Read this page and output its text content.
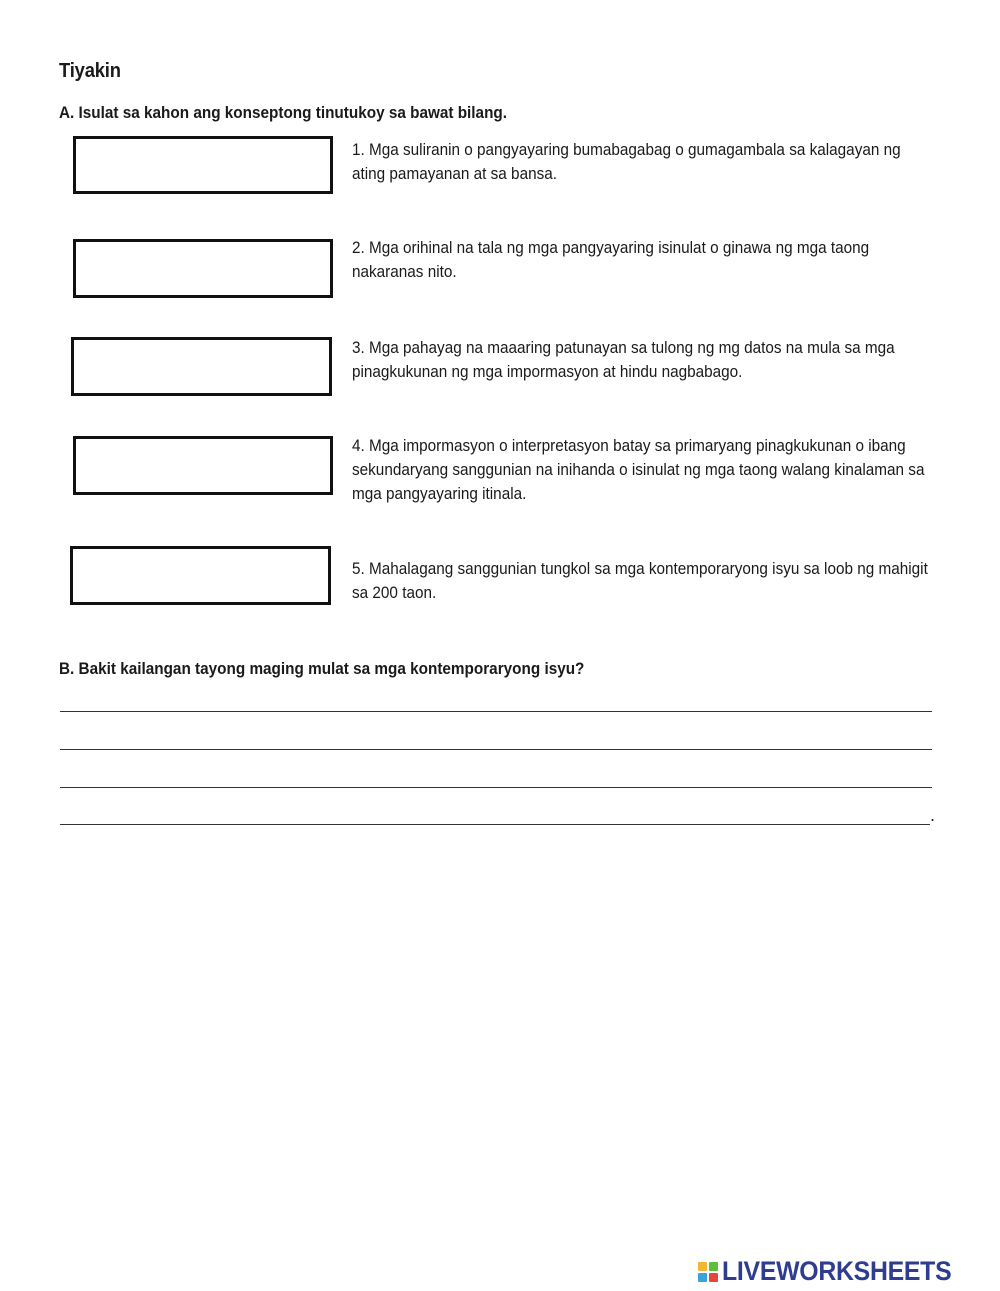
Tiyakin
A. Isulat sa kahon ang konseptong tinutukoy sa bawat bilang.
1. Mga suliranin o pangyayaring bumabagabag o gumagambala sa kalagayan ng ating pamayanan at sa bansa.
2. Mga orihinal na tala ng mga pangyayaring isinulat o ginawa ng mga taong nakaranas nito.
3. Mga pahayag na maaaring patunayan sa tulong ng mg datos na mula sa mga pinagkukunan ng mga impormasyon at hindu nagbabago.
4. Mga impormasyon o interpretasyon batay sa primaryang pinagkukunan o ibang sekundaryang sanggunian na inihanda o isinulat ng mga taong walang kinalaman sa mga pangyayaring itinala.
5. Mahalagang sanggunian tungkol sa mga kontemporaryong isyu sa loob ng mahigit sa 200 taon.
B. Bakit kailangan tayong maging mulat sa mga kontemporaryong isyu?
.
LIVEWORKSHEETS
